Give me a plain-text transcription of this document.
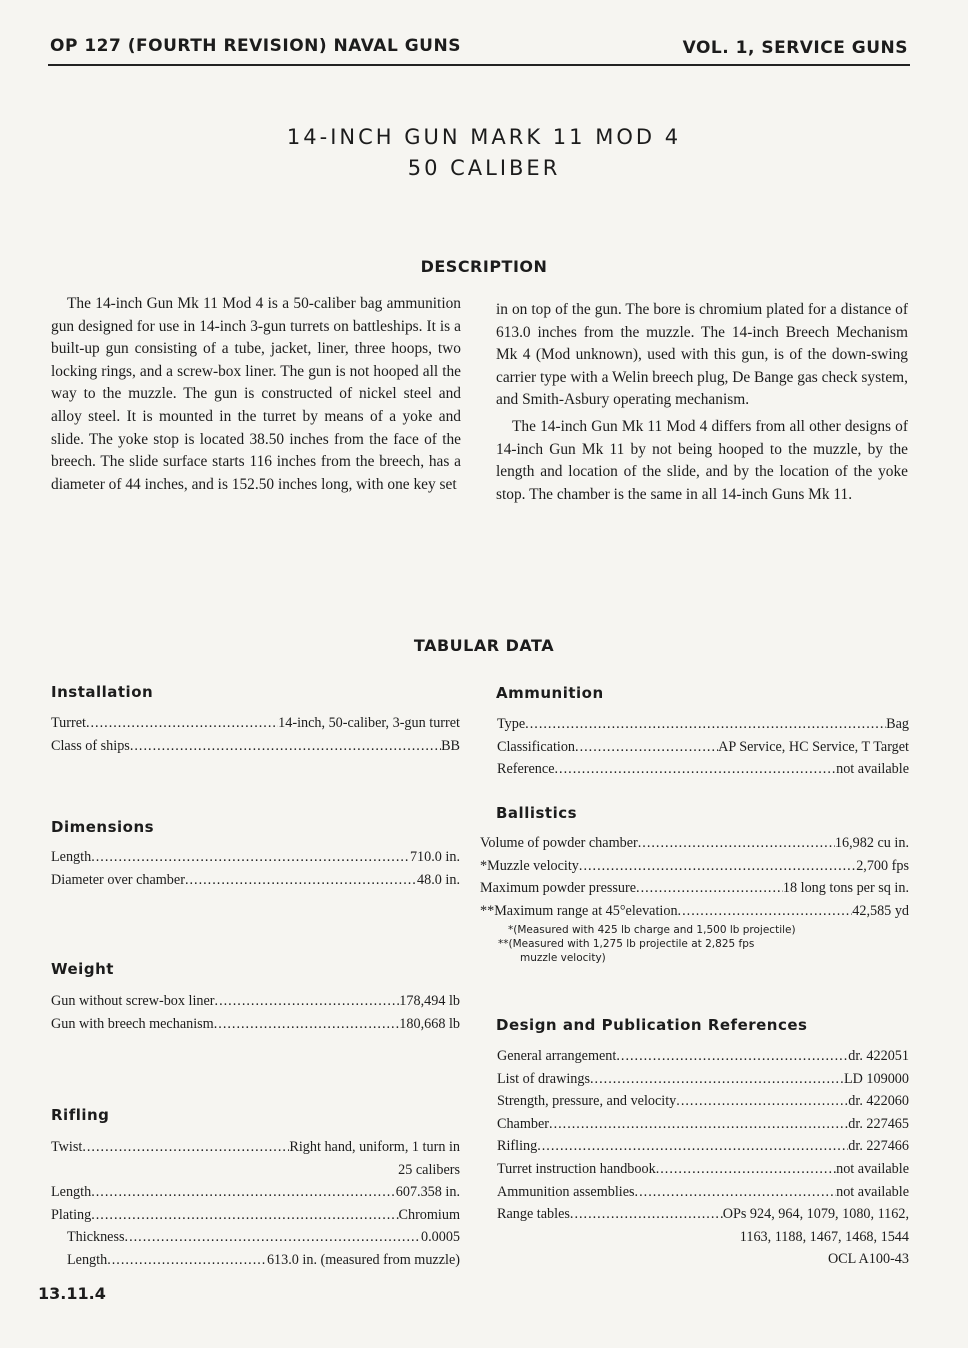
OP 127 (FOURTH REVISION) NAVAL GUNS	VOL. 1, SERVICE GUNS
14-INCH GUN MARK 11 MOD 4
50 CALIBER
DESCRIPTION

The 14-inch Gun Mk 11 Mod 4 is a 50-caliber bag ammunition gun designed for use in 14-inch 3-gun turrets on battleships. It is a built-up gun consisting of a tube, jacket, liner, three hoops, two locking rings, and a screw-box liner. The gun is not hooped all the way to the muzzle. The gun is constructed of nickel steel and alloy steel. It is mounted in the turret by means of a yoke and slide. The yoke stop is located 38.50 inches from the face of the breech. The slide surface starts 116 inches from the breech, has a diameter of 44 inches, and is 152.50 inches long, with one key set

in on top of the gun. The bore is chromium plated for a distance of 613.0 inches from the muzzle. The 14-inch Breech Mechanism Mk 4 (Mod unknown), used with this gun, is of the down-swing carrier type with a Welin breech plug, De Bange gas check system, and Smith-Asbury operating mechanism.

The 14-inch Gun Mk 11 Mod 4 differs from all other designs of 14-inch Gun Mk 11 by not being hooped to the muzzle, by the length and location of the slide, and by the location of the yoke stop. The chamber is the same in all 14-inch Guns Mk 11.

TABULAR DATA
Installation
Turret .....	14-inch, 50-caliber, 3-gun turret
Class of ships .....	BB
Dimensions
Length .....	710.0 in.
Diameter over chamber .....	48.0 in.
Weight
Gun without screw-box liner .....	178,494 lb
Gun with breech mechanism .....	180,668 lb
Rifling
Twist .....	Right hand, uniform, 1 turn in
25 calibers
Length .....	607.358 in.
Plating .....	Chromium
Thickness .....	0.0005
Length .....	613.0 in. (measured from muzzle)
Ammunition
Type .....	Bag
Classification .....	AP Service, HC Service, T Target
Reference .....	not available
Ballistics
Volume of powder chamber .....	16,982 cu in.
*Muzzle velocity .....	2,700 fps
Maximum powder pressure .....	18 long tons per sq in.
**Maximum range at 45°elevation .....	42,585 yd
*(Measured with 425 lb charge and 1,500 lb projectile)
**(Measured with 1,275 lb projectile at 2,825 fps
muzzle velocity)
Design and Publication References
General arrangement .....	dr. 422051
List of drawings .....	LD 109000
Strength, pressure, and velocity .....	dr. 422060
Chamber .....	dr. 227465
Rifling .....	dr. 227466
Turret instruction handbook .....	not available
Ammunition assemblies .....	not available
Range tables .....	OPs 924, 964, 1079, 1080, 1162,
1163, 1188, 1467, 1468, 1544
OCL A100-43
13.11.4
